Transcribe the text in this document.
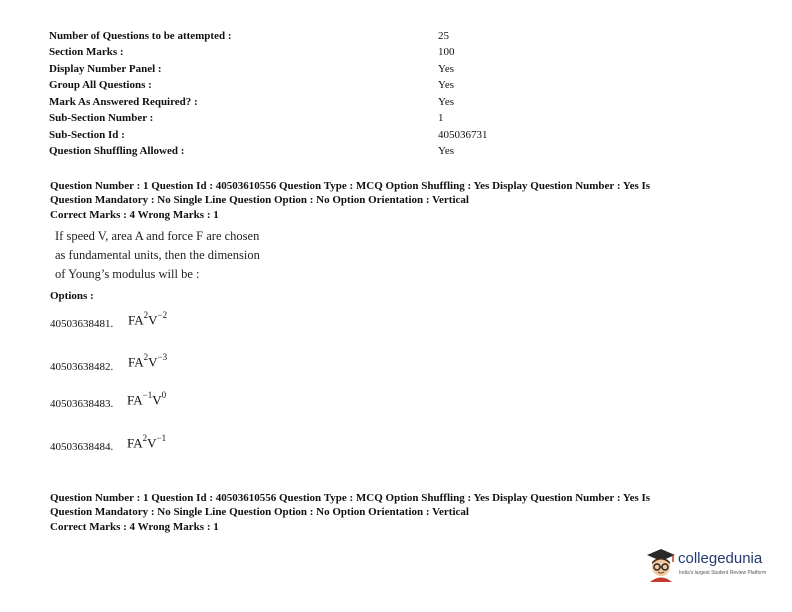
Number of Questions to be attempted :	25
Section Marks :	100
Display Number Panel :	Yes
Group All Questions :	Yes
Mark As Answered Required? :	Yes
Sub-Section Number :	1
Sub-Section Id :	405036731
Question Shuffling Allowed :	Yes
Question Number : 1 Question Id : 40503610556 Question Type : MCQ Option Shuffling : Yes Display Question Number : Yes Is
Question Mandatory : No Single Line Question Option : No Option Orientation : Vertical
Correct Marks : 4 Wrong Marks : 1
If speed V, area A and force F are chosen
as fundamental units, then the dimension
of Young’s modulus will be :
Options :
40503638481. $FA^2V^{-2}$
40503638482. $FA^2V^{-3}$
40503638483. $FA^{-1}V^0$
40503638484. $FA^2V^{-1}$
Question Number : 1 Question Id : 40503610556 Question Type : MCQ Option Shuffling : Yes Display Question Number : Yes Is
Question Mandatory : No Single Line Question Option : No Option Orientation : Vertical
Correct Marks : 4 Wrong Marks : 1
collegedunia
India's largest Student Review Platform
